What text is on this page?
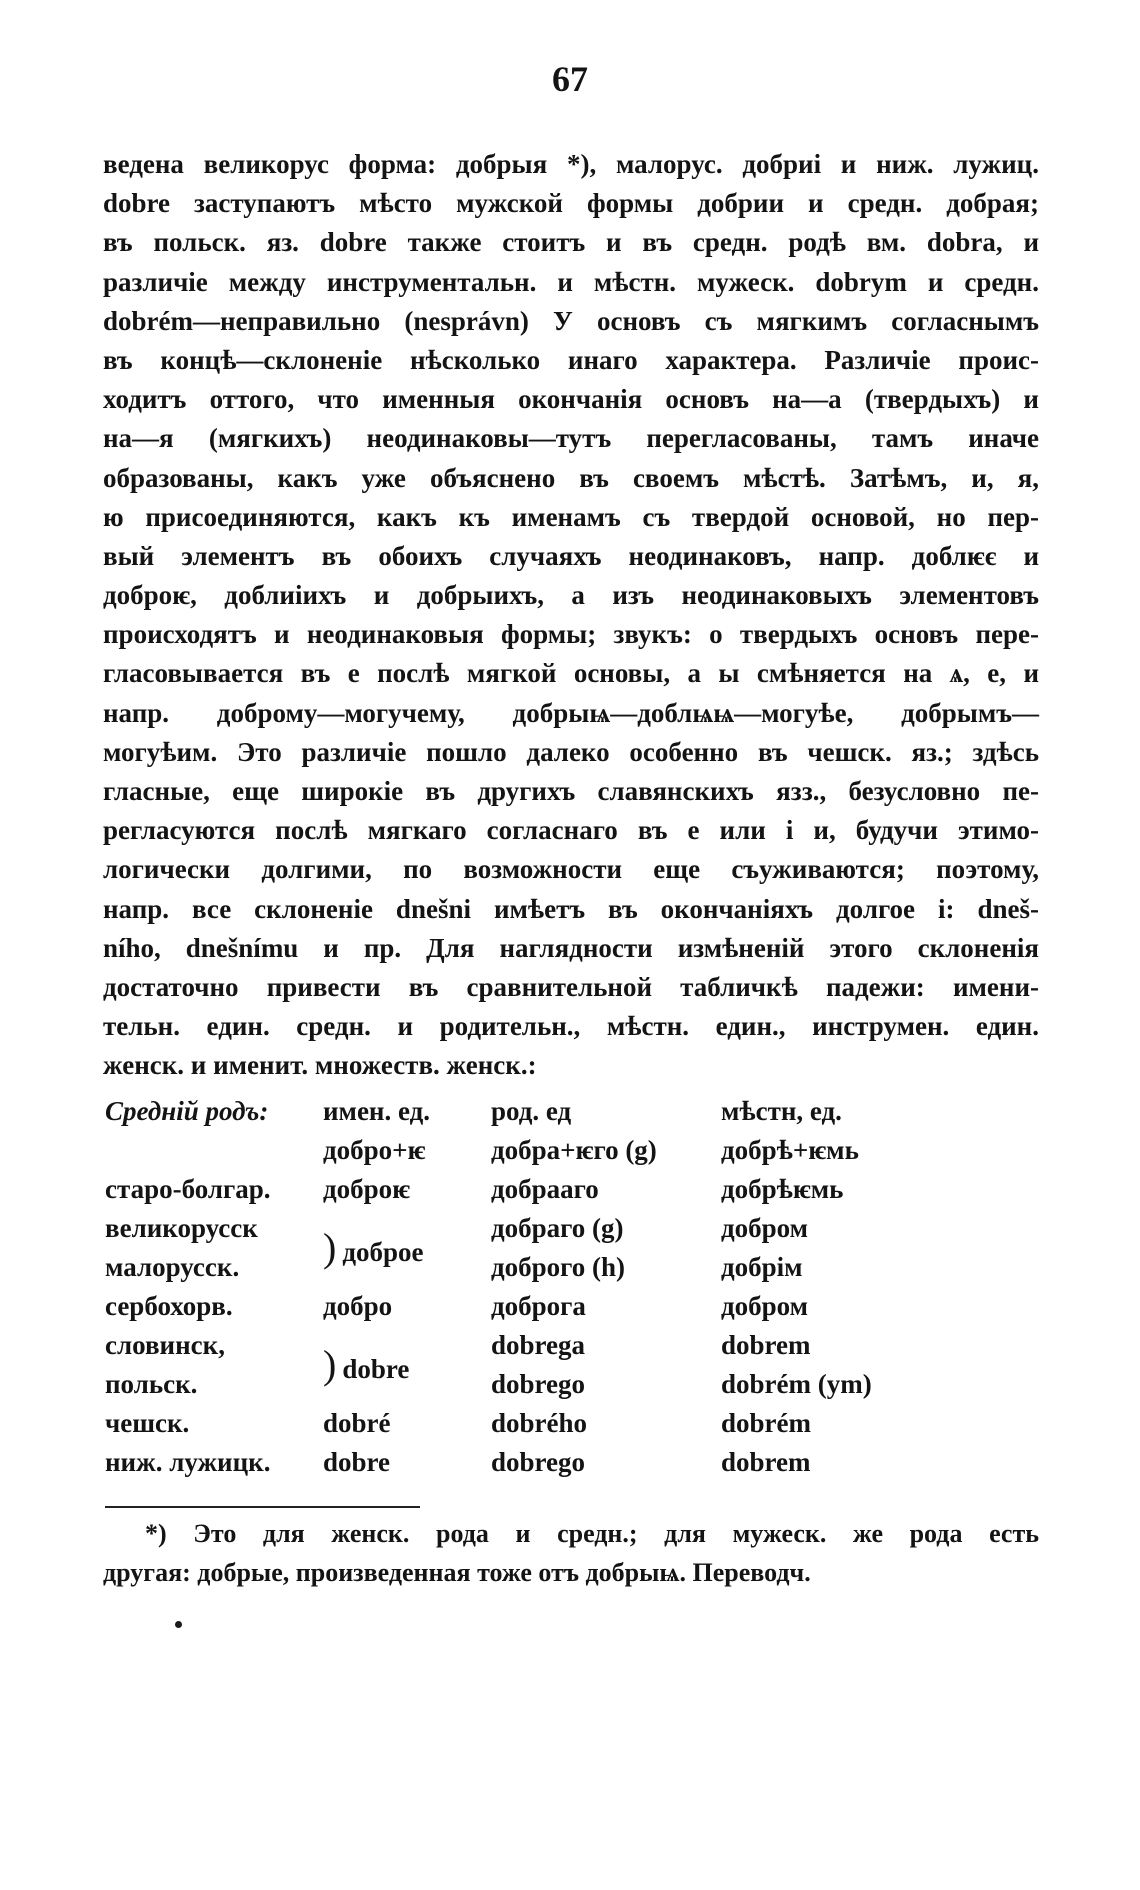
67
ведена великорус форма: добрыя *), малорус. добриі и ниж. лужиц.
dobre заступаютъ мѣсто мужской формы добрии и средн. добрая;
въ польск. яз. dobre также стоитъ и въ средн. родѣ вм. dobra, и
различіе между инструментальн. и мѣстн. мужеск. dobrym и средн.
dobrém—неправильно (nesprávn) У основъ съ мягкимъ согласнымъ
въ концѣ—склоненіе нѣсколько инаго характера. Различіе проис-
ходитъ оттого, что именныя окончанія основъ на—а (твердыхъ) и
на—я (мягкихъ) неодинаковы—тутъ перегласованы, тамъ иначе
образованы, какъ уже объяснено въ своемъ мѣстѣ. Затѣмъ, и, я,
ю присоединяются, какъ къ именамъ съ твердой основой, но пер-
вый элементъ въ обоихъ случаяхъ неодинаковъ, напр. доблѥє и
доброѥ, доблиіихъ и добрыихъ, а изъ неодинаковыхъ элементовъ
происходятъ и неодинаковыя формы; звукъ: о твердыхъ основъ пере-
гласовывается въ е послѣ мягкой основы, а ы смѣняется на ѧ, е, и
напр. доброму—могучему, добрыѩ—доблѩѩ—могуѣе, добрымъ—
могуѣим. Это различіе пошло далеко особенно въ чешск. яз.; здѣсь
гласные, еще широкіе въ другихъ славянскихъ язз., безусловно пе-
регласуются послѣ мягкаго согласнаго въ е или і и, будучи этимо-
логически долгими, по возможности еще съуживаются; поэтому,
напр. все склоненіе dnešni имѣетъ въ окончаніяхъ долгое і: dneš-
ního, dnešnímu и пр. Для наглядности измѣненій этого склоненія
достаточно привести въ сравнительной табличкѣ падежи: имени-
тельн. един. средн. и родительн., мѣстн. един., инструмен. един.
женск. и именит. множеств. женск.:
Средній родъ:	имен. ед.	род. ед	мѣстн, ед.
	добро+ѥ	добра+ѥго (g)	добрѣ+ѥмь
старо-болгар.	доброѥ	добрааго	добрѣѥмь
великорусск	) доброе	добраго (g)	добром
малорусск.		доброго (h)	добрім
сербохорв.	добро	доброга	добром
словинск,	) dobre	dobrega	dobrem
польск.		dobrego	dobrém (ym)
чешск.	dobré	dobrého	dobrém
ниж. лужицк.	dobre	dobrego	dobrem
*) Это для женск. рода и средн.; для мужеск. же рода есть
другая: добрые, произведенная тоже отъ добрыѩ. Переводч.
